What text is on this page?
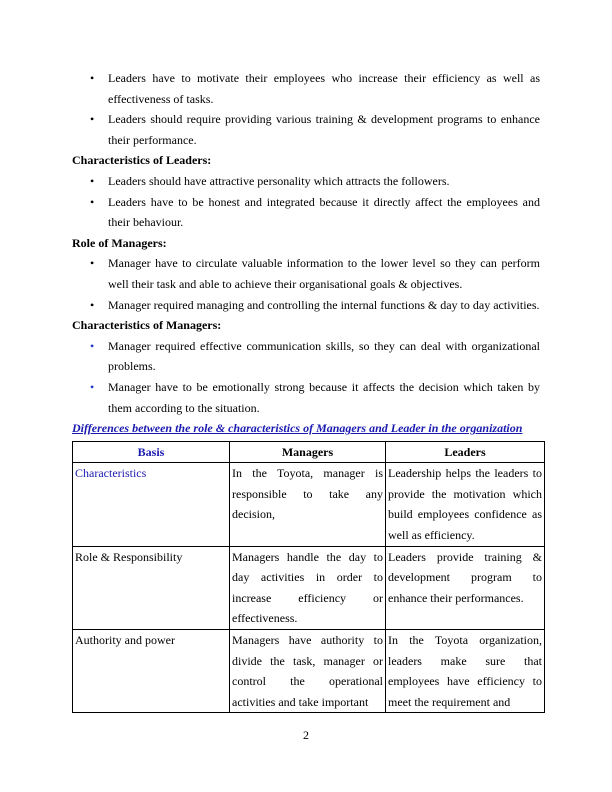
• Leaders have to motivate their employees who increase their efficiency as well as effectiveness of tasks.
• Leaders should require providing various training & development programs to enhance their performance.
Characteristics of Leaders:
• Leaders should have attractive personality which attracts the followers.
• Leaders have to be honest and integrated because it directly affect the employees and their behaviour.
Role of Managers:
• Manager have to circulate valuable information to the lower level so they can perform well their task and able to achieve their organisational goals & objectives.
• Manager required managing and controlling the internal functions & day to day activities.
Characteristics of Managers:
• Manager required effective communication skills, so they can deal with organizational problems.
• Manager have to be emotionally strong because it affects the decision which taken by them according to the situation.
Differences between the role & characteristics of Managers and Leader in the organization
Basis	Managers	Leaders
Characteristics	In the Toyota, manager is responsible to take any decision,	Leadership helps the leaders to provide the motivation which build employees confidence as well as efficiency.
Role & Responsibility	Managers handle the day to day activities in order to increase efficiency or effectiveness.	Leaders provide training & development program to enhance their performances.
Authority and power	Managers have authority to divide the task, manager or control the operational activities and take important	In the Toyota organization, leaders make sure that employees have efficiency to meet the requirement and
2
